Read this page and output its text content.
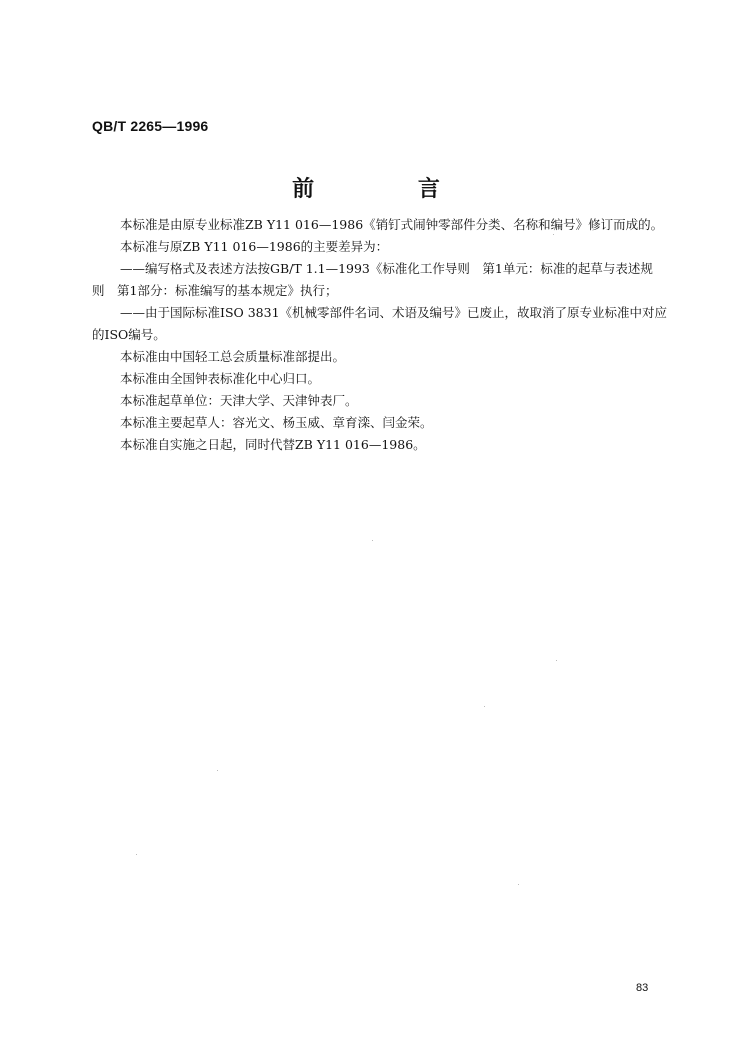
QB/T 2265—1996
前 言

本标准是由原专业标准ZB Y11 016—1986《销钉式闹钟零部件分类、名称和编号》修订而成的。

本标准与原ZB Y11 016—1986的主要差异为：

——编写格式及表述方法按GB/T 1.1—1993《标准化工作导则　第1单元：标准的起草与表述规

则　第1部分：标准编写的基本规定》执行；

——由于国际标准ISO 3831《机械零部件名词、术语及编号》已废止，故取消了原专业标准中对应

的ISO编号。

本标准由中国轻工总会质量标准部提出。

本标准由全国钟表标准化中心归口。

本标准起草单位：天津大学、天津钟表厂。

本标准主要起草人：容光文、杨玉威、章育滦、闫金荣。

本标准自实施之日起，同时代替ZB Y11 016—1986。

83
